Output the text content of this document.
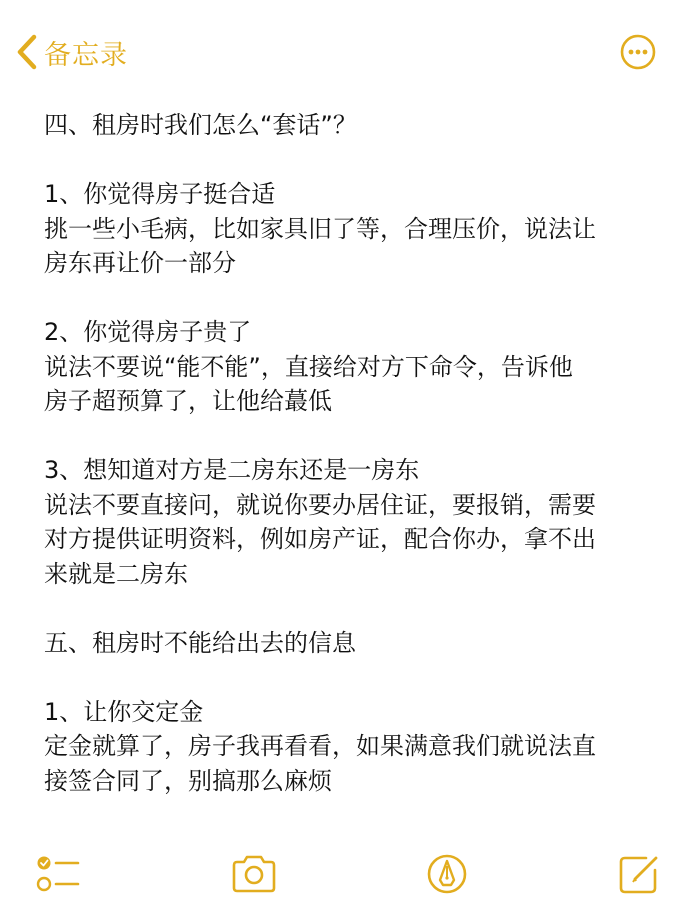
备忘录
四、租房时我们怎么“套话”？
1、你觉得房子挺合适
挑一些小毛病，比如家具旧了等，合理压价，说法让
房东再让价一部分
2、你觉得房子贵了
说法不要说“能不能”，直接给对方下命令，告诉他
房子超预算了，让他给蕞低
3、想知道对方是二房东还是一房东
说法不要直接问，就说你要办居住证，要报销，需要
对方提供证明资料，例如房产证，配合你办，拿不出
来就是二房东
五、租房时不能给出去的信息
1、让你交定金
定金就算了，房子我再看看，如果满意我们就说法直
接签合同了，别搞那么麻烦
